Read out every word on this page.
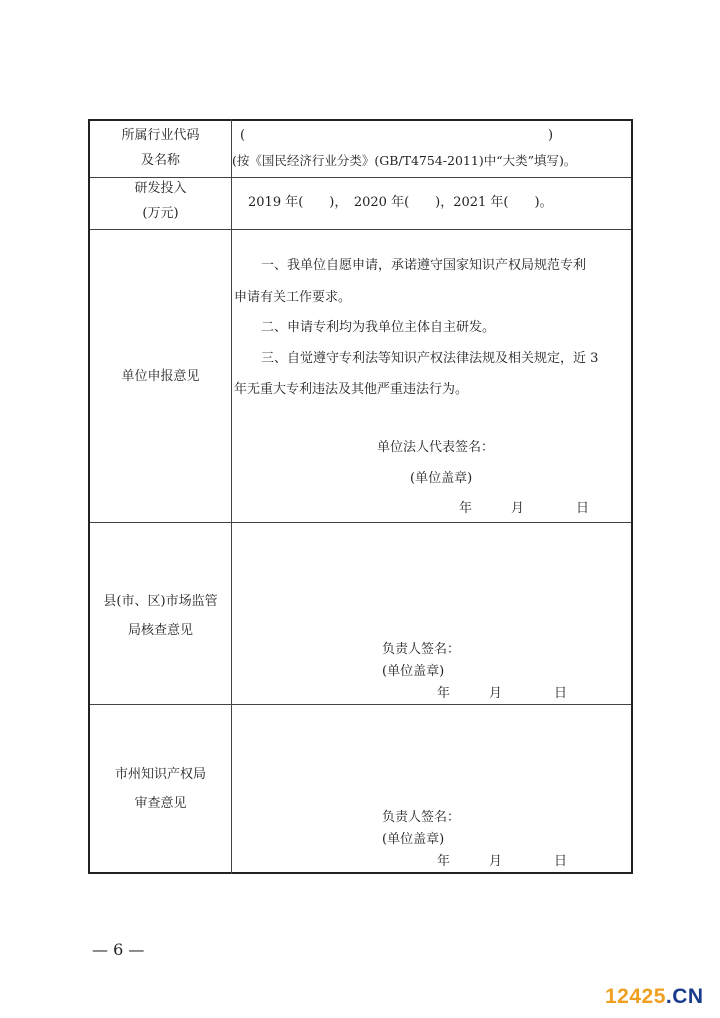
所属行业代码
及名称
(	)
(按《国民经济行业分类》(GB/T4754-2011)中“大类”填写)。
研发投入
(万元)
2019 年(　　)，　2020 年(　　)，2021 年(　　)。
单位申报意见
一、我单位自愿申请，承诺遵守国家知识产权局规范专利
申请有关工作要求。
二、申请专利均为我单位主体自主研发。
三、自觉遵守专利法等知识产权法律法规及相关规定，近 3
年无重大专利违法及其他严重违法行为。
单位法人代表签名：
(单位盖章)
年　　　月　　　　日
县(市、区)市场监管
局核查意见
负责人签名：
(单位盖章)
年　　　月　　　　日
市州知识产权局
审查意见
负责人签名：
(单位盖章)
年　　　月　　　　日
— 6 —
12425.CN
